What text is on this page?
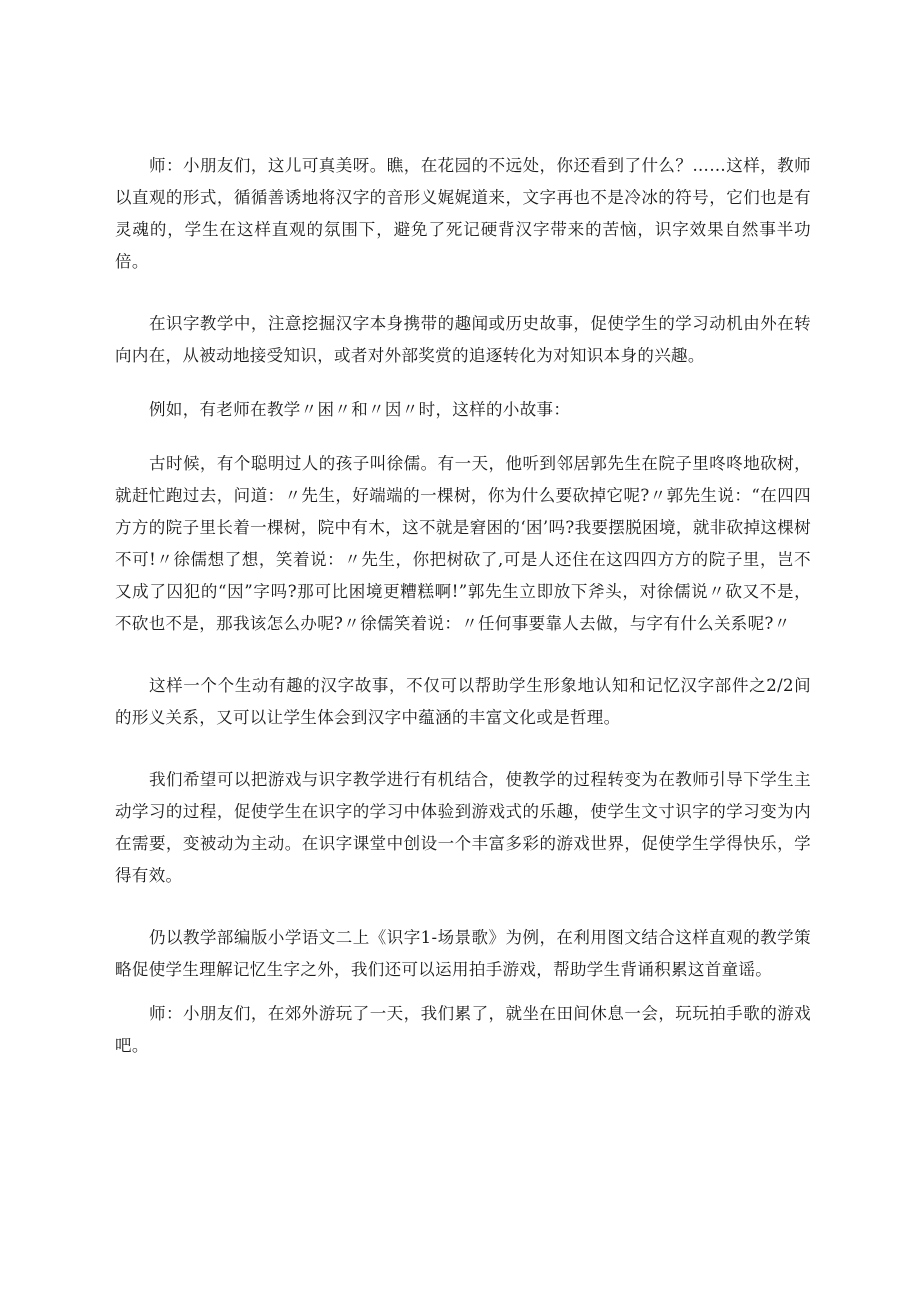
师：小朋友们，这儿可真美呀。瞧，在花园的不远处，你还看到了什么？……这样，教师以直观的形式，循循善诱地将汉字的音形义娓娓道来，文字再也不是冷冰的符号，它们也是有灵魂的，学生在这样直观的氛围下，避免了死记硬背汉字带来的苦恼，识字效果自然事半功倍。

在识字教学中，注意挖掘汉字本身携带的趣闻或历史故事，促使学生的学习动机由外在转向内在，从被动地接受知识，或者对外部奖赏的追逐转化为对知识本身的兴趣。

例如，有老师在教学〃困〃和〃因〃时，这样的小故事：

古时候，有个聪明过人的孩子叫徐儒。有一天，他听到邻居郭先生在院子里咚咚地砍树，就赶忙跑过去，问道：〃先生，好端端的一棵树，你为什么要砍掉它呢?〃郭先生说：“在四四方方的院子里长着一棵树，院中有木，这不就是窘困的‘困’吗?我要摆脱困境，就非砍掉这棵树不可!〃徐儒想了想，笑着说：〃先生，你把树砍了,可是人还住在这四四方方的院子里，岂不又成了囚犯的“因”字吗?那可比困境更糟糕啊!”郭先生立即放下斧头，对徐儒说〃砍又不是，不砍也不是，那我该怎么办呢?〃徐儒笑着说：〃任何事要靠人去做，与字有什么关系呢?〃

这样一个个生动有趣的汉字故事，不仅可以帮助学生形象地认知和记忆汉字部件之2/2间的形义关系，又可以让学生体会到汉字中蕴涵的丰富文化或是哲理。

我们希望可以把游戏与识字教学进行有机结合，使教学的过程转变为在教师引导下学生主动学习的过程，促使学生在识字的学习中体验到游戏式的乐趣，使学生文寸识字的学习变为内在需要，变被动为主动。在识字课堂中创设一个丰富多彩的游戏世界，促使学生学得快乐，学得有效。

仍以教学部编版小学语文二上《识字1-场景歌》为例，在利用图文结合这样直观的教学策略促使学生理解记忆生字之外，我们还可以运用拍手游戏，帮助学生背诵积累这首童谣。

师：小朋友们，在郊外游玩了一天，我们累了，就坐在田间休息一会，玩玩拍手歌的游戏吧。
